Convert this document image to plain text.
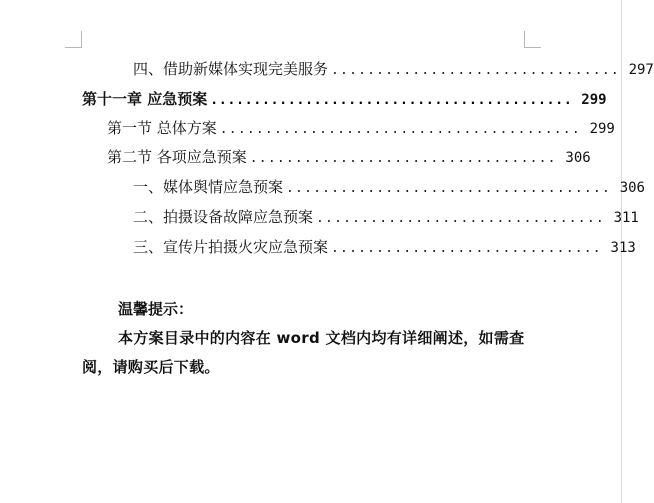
四、借助新媒体实现完美服务 ................................ 297
第十一章 应急预案 .......................................... 299
第一节 总体方案 ........................................ 299
第二节 各项应急预案 .................................. 306
一、媒体舆情应急预案 .................................... 306
二、拍摄设备故障应急预案 ................................ 311
三、宣传片拍摄火灾应急预案 .............................. 313
温馨提示：
本方案目录中的内容在 word 文档内均有详细阐述，如需查阅，请购买后下载。
